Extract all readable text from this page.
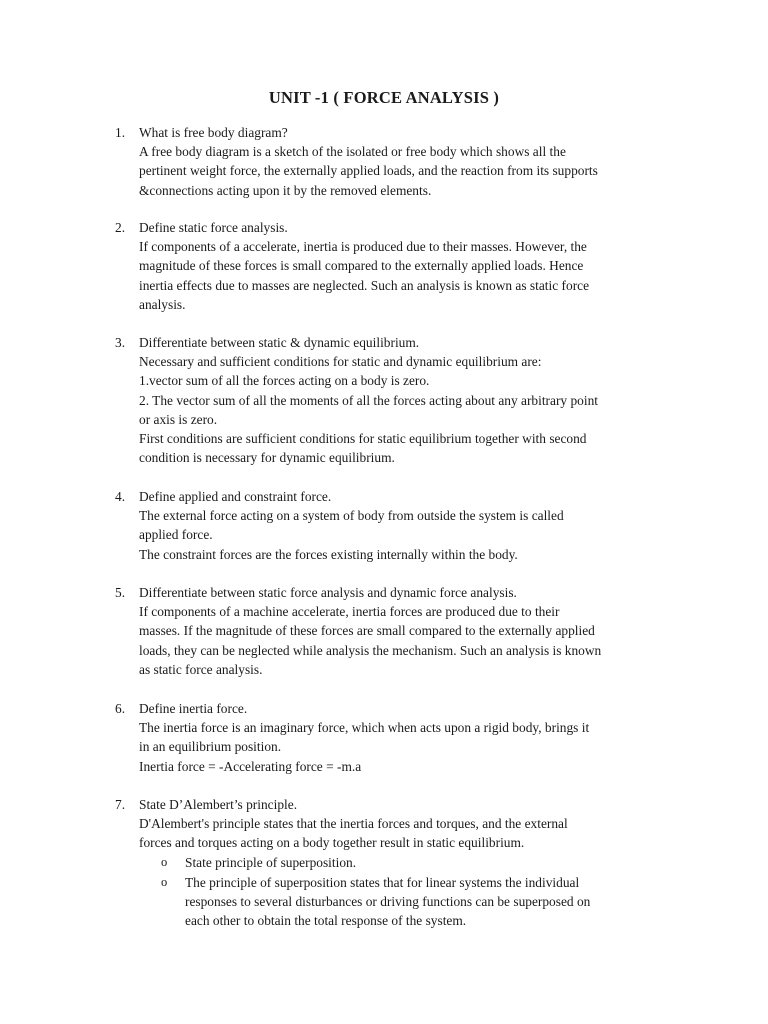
UNIT -1 ( FORCE ANALYSIS )
1.	What is free body diagram?
A free body diagram is a sketch of the isolated or free body which shows all the
pertinent weight force, the externally applied loads, and the reaction from its supports
&connections acting upon it by the removed elements.
2.	Define static force analysis.
If components of a accelerate, inertia is produced due to their masses. However, the
magnitude of these forces is small compared to the externally applied loads. Hence
inertia effects due to masses are neglected. Such an analysis is known as static force
analysis.
3.	Differentiate between static & dynamic equilibrium.
Necessary and sufficient conditions for static and dynamic equilibrium are:
1.vector sum of all the forces acting on a body is zero.
2. The vector sum of all the moments of all the forces acting about any arbitrary point
or axis is zero.
First conditions are sufficient conditions for static equilibrium together with second
condition is necessary for dynamic equilibrium.
4.	Define applied and constraint force.
The external force acting on a system of body from outside the system is called
applied force.
The constraint forces are the forces existing internally within the body.
5.	Differentiate between static force analysis and dynamic force analysis.
If components of a machine accelerate, inertia forces are produced due to their
masses. If the magnitude of these forces are small compared to the externally applied
loads, they can be neglected while analysis the mechanism. Such an analysis is known
as static force analysis.
6.	Define inertia force.
The inertia force is an imaginary force, which when acts upon a rigid body, brings it
in an equilibrium position.
Inertia force = -Accelerating force = -m.a
7.	State D’Alembert’s principle.
D'Alembert's principle states that the inertia forces and torques, and the external
forces and torques acting on a body together result in static equilibrium.
o State principle of superposition.
o The principle of superposition states that for linear systems the individual
responses to several disturbances or driving functions can be superposed on
each other to obtain the total response of the system.
